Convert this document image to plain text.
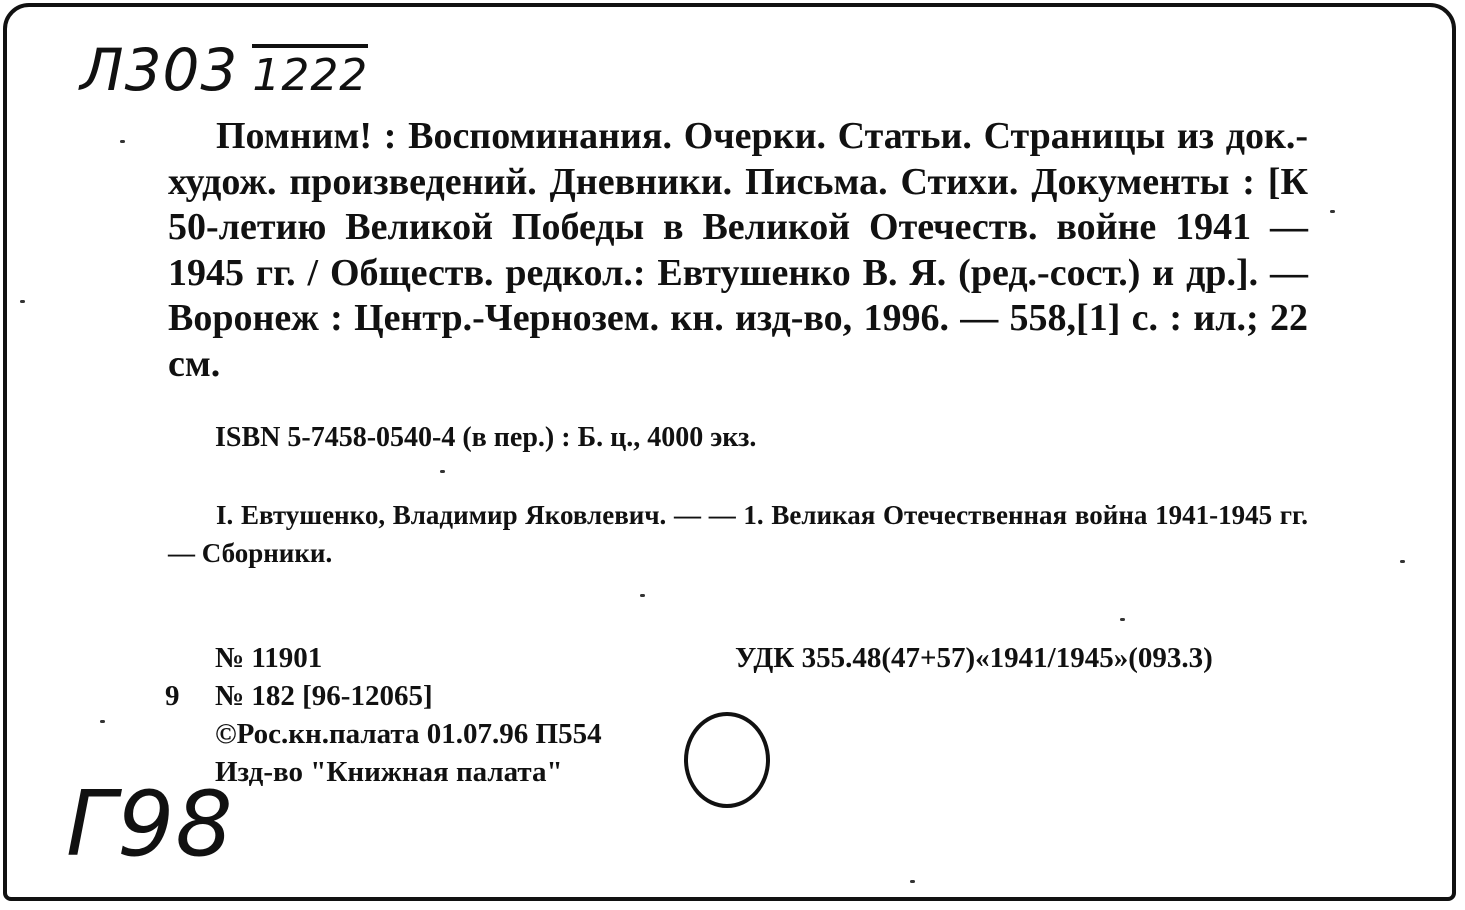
Л303 1222

Помним! : Воспоминания. Очерки. Статьи. Страницы из док.-худож. произведений. Дневники. Письма. Стихи. Документы : [К 50-летию Великой Победы в Великой Отечеств. войне 1941 — 1945 гг. / Обществ. редкол.: Евтушенко В. Я. (ред.-сост.) и др.]. — Воронеж : Центр.-Чернозем. кн. изд-во, 1996. — 558,[1] с. : ил.; 22 см.

ISBN 5-7458-0540-4 (в пер.) : Б. ц., 4000 экз.

I. Евтушенко, Владимир Яковлевич. — — 1. Великая Отечественная война 1941-1945 гг. — Сборники.

№ 11901	УДК 355.48(47+57)«1941/1945»(093.3)
9 № 182 [96-12065]
©Рос.кн.палата 01.07.96 П554
Изд-во "Книжная палата"
Г98
